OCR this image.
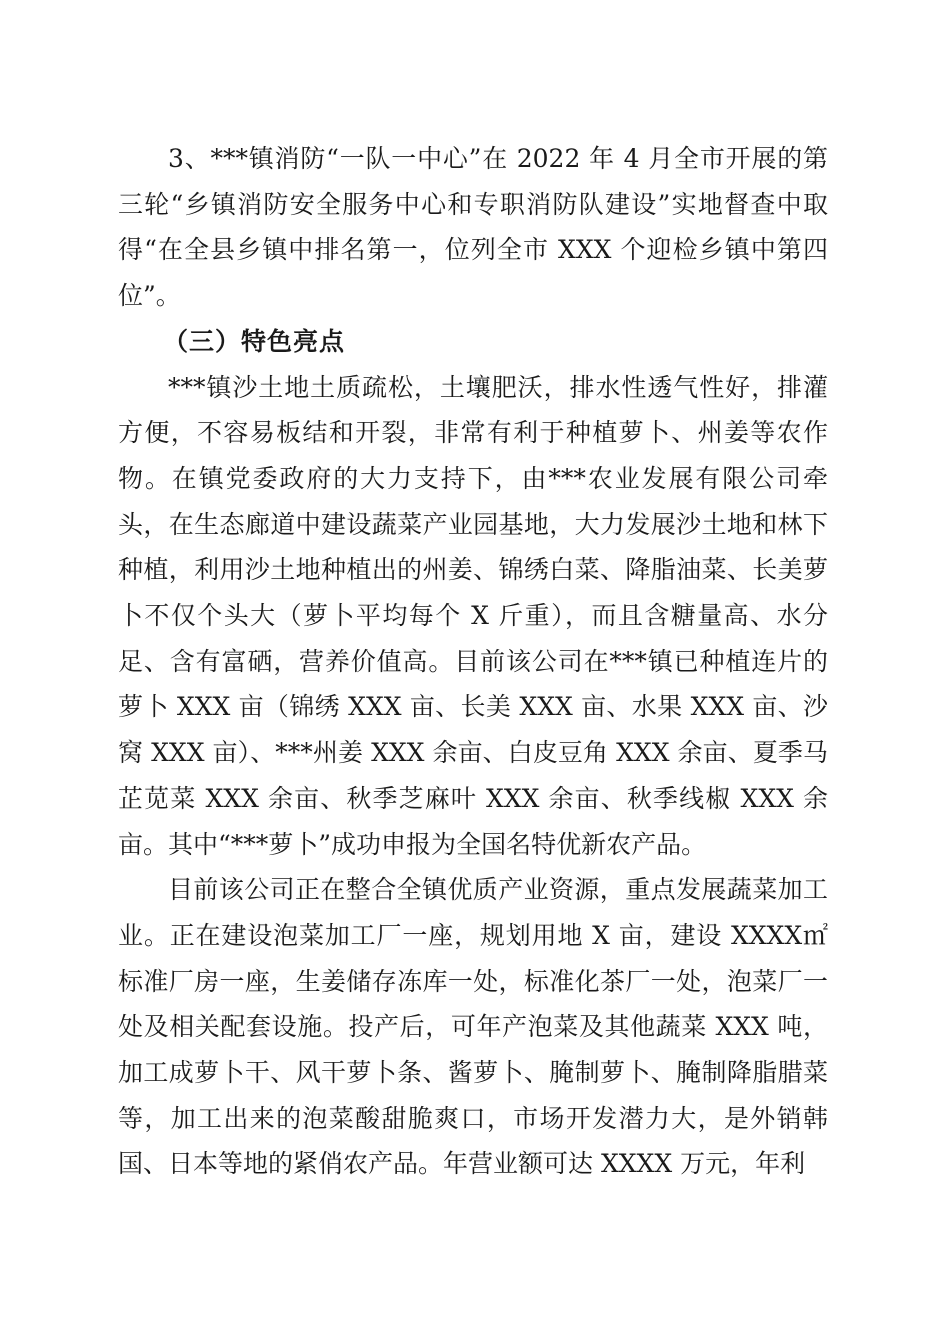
3、***镇消防“一队一中心”在 2022 年 4 月全市开展的第三轮“乡镇消防安全服务中心和专职消防队建设”实地督查中取得“在全县乡镇中排名第一，位列全市 XXX 个迎检乡镇中第四位”。

（三）特色亮点

***镇沙土地土质疏松，土壤肥沃，排水性透气性好，排灌方便，不容易板结和开裂，非常有利于种植萝卜、州姜等农作物。在镇党委政府的大力支持下，由***农业发展有限公司牵头，在生态廊道中建设蔬菜产业园基地，大力发展沙土地和林下种植，利用沙土地种植出的州姜、锦绣白菜、降脂油菜、长美萝卜不仅个头大（萝卜平均每个 X 斤重），而且含糖量高、水分足、含有富硒，营养价值高。目前该公司在***镇已种植连片的萝卜 XXX 亩（锦绣 XXX 亩、长美 XXX 亩、水果 XXX 亩、沙窝 XXX 亩）、***州姜 XXX 余亩、白皮豆角 XXX 余亩、夏季马芷苋菜 XXX 余亩、秋季芝麻叶 XXX 余亩、秋季线椒 XXX 余亩。其中“***萝卜”成功申报为全国名特优新农产品。

目前该公司正在整合全镇优质产业资源，重点发展蔬菜加工业。正在建设泡菜加工厂一座，规划用地 X 亩，建设 XXXX㎡标准厂房一座，生姜储存冻库一处，标准化茶厂一处，泡菜厂一处及相关配套设施。投产后，可年产泡菜及其他蔬菜 XXX 吨，加工成萝卜干、风干萝卜条、酱萝卜、腌制萝卜、腌制降脂腊菜等，加工出来的泡菜酸甜脆爽口，市场开发潜力大，是外销韩国、日本等地的紧俏农产品。年营业额可达 XXXX 万元，年利
